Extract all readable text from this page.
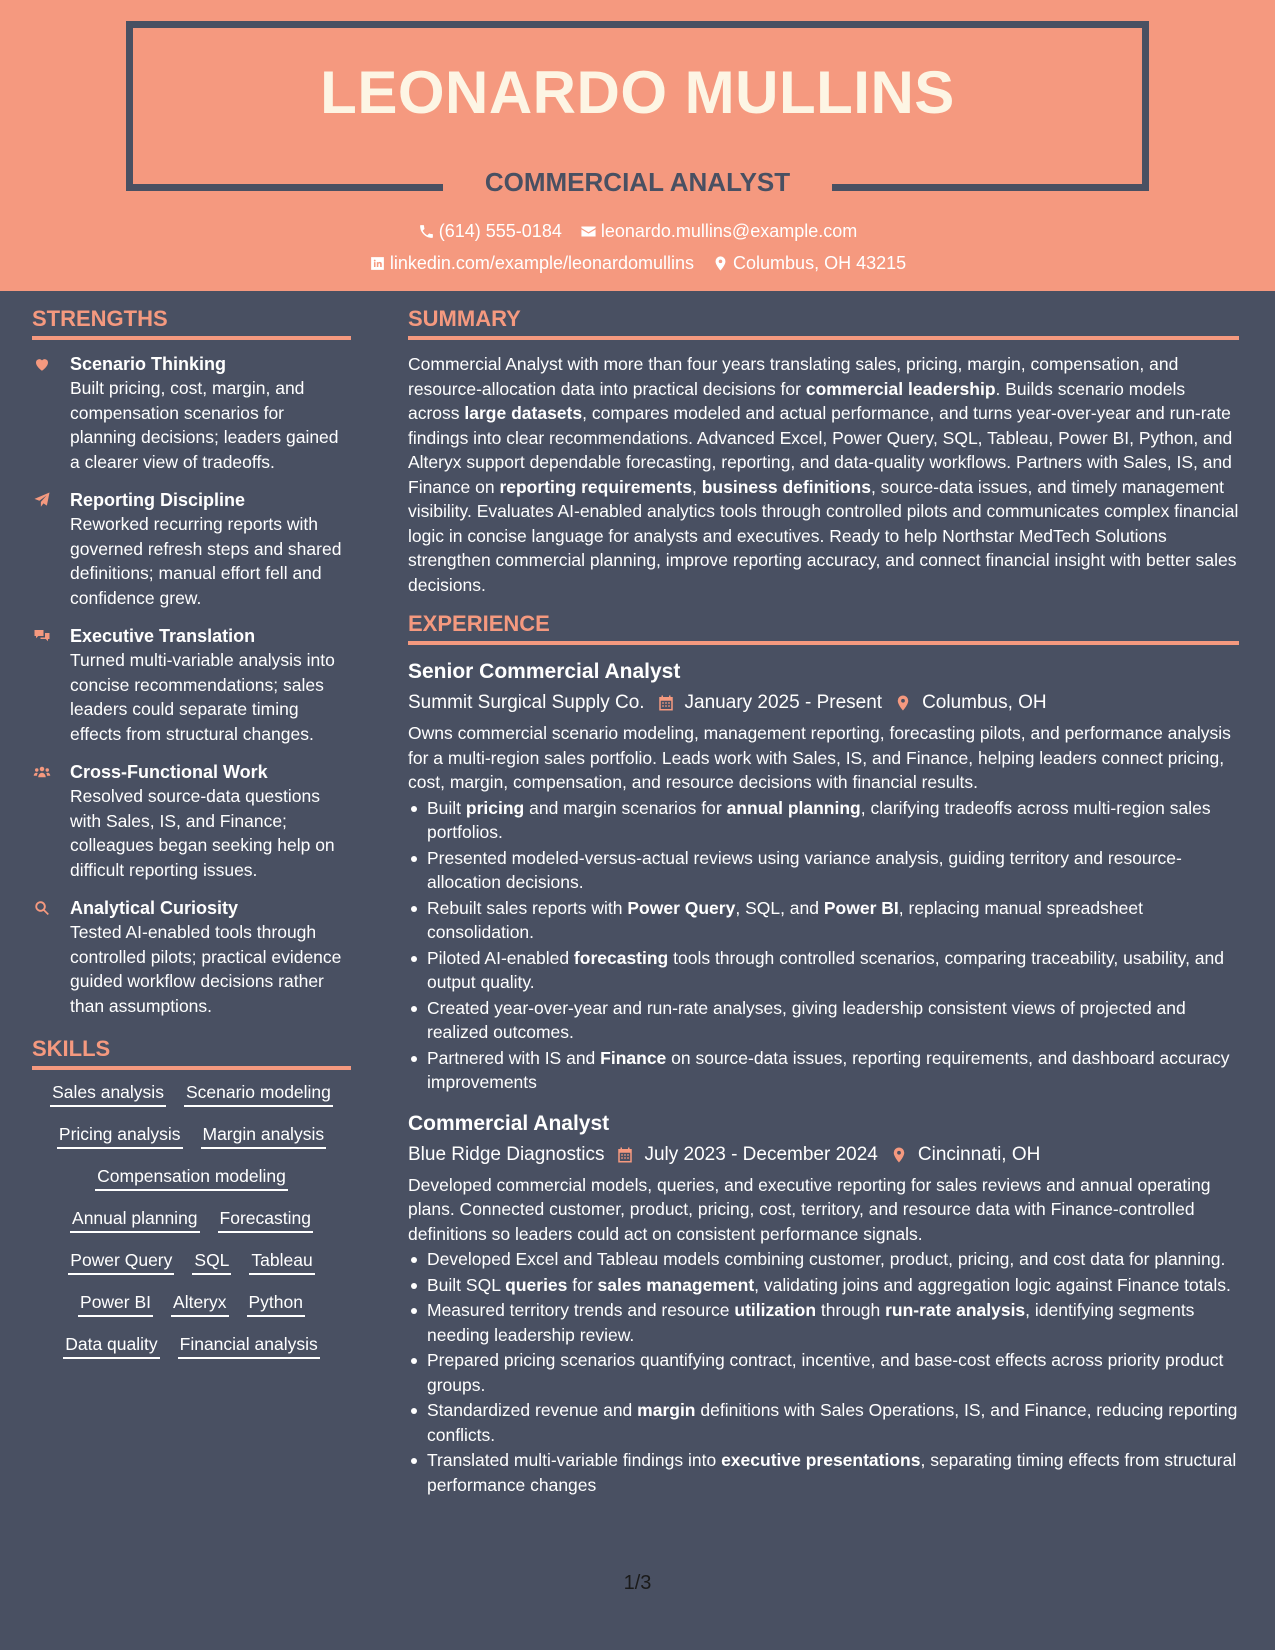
LEONARDO MULLINS
COMMERCIAL ANALYST
(614) 555-0184 leonardo.mullins@example.com
linkedin.com/example/leonardomullins Columbus, OH 43215
STRENGTHS
Scenario Thinking
Built pricing, cost, margin, and compensation scenarios for planning decisions; leaders gained a clearer view of tradeoffs.
Reporting Discipline
Reworked recurring reports with governed refresh steps and shared definitions; manual effort fell and confidence grew.
Executive Translation
Turned multi-variable analysis into concise recommendations; sales leaders could separate timing effects from structural changes.
Cross-Functional Work
Resolved source-data questions with Sales, IS, and Finance; colleagues began seeking help on difficult reporting issues.
Analytical Curiosity
Tested AI-enabled tools through controlled pilots; practical evidence guided workflow decisions rather than assumptions.
SKILLS
Sales analysis Scenario modeling
Pricing analysis Margin analysis
Compensation modeling
Annual planning Forecasting
Power Query SQL Tableau
Power BI Alteryx Python
Data quality Financial analysis
SUMMARY

Commercial Analyst with more than four years translating sales, pricing, margin, compensation, and resource-allocation data into practical decisions for commercial leadership. Builds scenario models across large datasets, compares modeled and actual performance, and turns year-over-year and run-rate findings into clear recommendations. Advanced Excel, Power Query, SQL, Tableau, Power BI, Python, and Alteryx support dependable forecasting, reporting, and data-quality workflows. Partners with Sales, IS, and Finance on reporting requirements, business definitions, source-data issues, and timely management visibility. Evaluates AI-enabled analytics tools through controlled pilots and communicates complex financial logic in concise language for analysts and executives. Ready to help Northstar MedTech Solutions strengthen commercial planning, improve reporting accuracy, and connect financial insight with better sales decisions.

EXPERIENCE
Senior Commercial Analyst
Summit Surgical Supply Co. January 2025 - Present Columbus, OH
Owns commercial scenario modeling, management reporting, forecasting pilots, and performance analysis for a multi-region sales portfolio. Leads work with Sales, IS, and Finance, helping leaders connect pricing, cost, margin, compensation, and resource decisions with financial results.
Built pricing and margin scenarios for annual planning, clarifying tradeoffs across multi-region sales portfolios.
Presented modeled-versus-actual reviews using variance analysis, guiding territory and resource-allocation decisions.
Rebuilt sales reports with Power Query, SQL, and Power BI, replacing manual spreadsheet consolidation.
Piloted AI-enabled forecasting tools through controlled scenarios, comparing traceability, usability, and output quality.
Created year-over-year and run-rate analyses, giving leadership consistent views of projected and realized outcomes.
Partnered with IS and Finance on source-data issues, reporting requirements, and dashboard accuracy improvements
Commercial Analyst
Blue Ridge Diagnostics July 2023 - December 2024 Cincinnati, OH
Developed commercial models, queries, and executive reporting for sales reviews and annual operating plans. Connected customer, product, pricing, cost, territory, and resource data with Finance-controlled definitions so leaders could act on consistent performance signals.
Developed Excel and Tableau models combining customer, product, pricing, and cost data for planning.
Built SQL queries for sales management, validating joins and aggregation logic against Finance totals.
Measured territory trends and resource utilization through run-rate analysis, identifying segments needing leadership review.
Prepared pricing scenarios quantifying contract, incentive, and base-cost effects across priority product groups.
Standardized revenue and margin definitions with Sales Operations, IS, and Finance, reducing reporting conflicts.
Translated multi-variable findings into executive presentations, separating timing effects from structural performance changes
1/3
